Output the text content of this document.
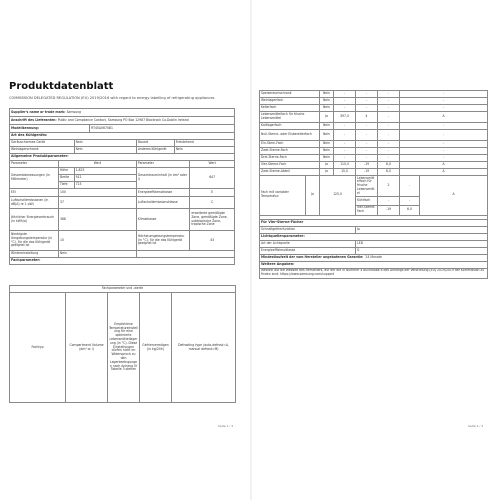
Produktdatenblatt
COMMISSION DELEGATED REGULATION (EU) 2019/2016 with regard to energy labelling of refrigerating appliances
Supplier's name or trade mark: Samsung						
Anschrift des Lieferanten: Public and Compliance Contact, Samsung PO Box 12987 Blackrock Co.Dublin Ireland						
Modellkennung:			RT45A0670B1			
Art des Kühlgeräts:						
Geräuscharmes Gerät		Nein		Bauart	Freistehend	
Weinlagerschrank		Nein		Anderes Kühlgerät	Nein	
Allgemeine Produktparameter:						
Parameter	Wert			Parameter		Wert
Gesamtabmessungen (in Millimeter)	Höhe	1.825		Gesamtrauminhalt (in dm³ oder l)		647
	Breite	912				
	Tiefe	723				
EEI	100			Energieeffizienzklasse		E
Luftschallemissionen (in dB(A) re 1 pW)	37			Luftschallemissionsklasse		C
Jährlicher Energieverbrauch (in kWh/a)	368			Klimaklasse		erweiterte gemäßigte Zone, gemäßigte Zone, subtropische Zone, tropische Zone
Niedrigste Umgebungstemperatur (in °C), für die das Kühlgerät geeignet ist	10			Höchstumgebungstemperatur (in °C), für die das Kühlgerät geeignet ist		43
Wintereinstellung	Nein					
Fachparameter:						
Fachparameter und -werte
Fachtyp	Compartment Volume (dm³ or l)	Empfohlene Temperatureinstellung für eine optimierte Lebensmittellagerung (in °C). Diese Einstellungen dürfen nicht im Widerspruch zu den Lagerbedingungen nach Anhang IV Tabelle 3 stehen	Gefriervermögen (in kg/24h)	Defrosting type (auto-defrost=A, manual defrost=M)
Seite 1 / 2
Speiseraumschrank		Nein	-	-	-	-	
Weinlagerfach		Nein	-	-	-	-	
Kellerfach		Nein	-	-	-	-	
Lebensmittelfach für frische Lebensmittel		Ja	397,0	4	-	A	
Kaltlagerfach		Nein	-	-	-	-	
Null-Sterne- oder Eisbereiterfach		Nein	-	-	-	-	
Ein-Stern-Fach		Nein	-	-	-	-	
Zwei-Sterne-Fach		Nein	-	-	-	-	
Drei-Sterne-Fach		Nein	-	-	-	-	
Vier-Sterne-Fach		Ja	110,0	-19	6,0	A	
Zwei-Sterne-Abteil		Ja	15,0	-19	6,0	A	
Fach mit variabler Temperatur	Ja	125,0		Lebensmittelfach für frische Lebensmittel	2	-	A
				Kühlfach	-	-	
				Vier-Sterne-Fach	-19	6,0	

Für Vier-Sterne-Fächer							
Schnellgefrierfunktion				Ja			
Lichtquellenparameter:							
Art der Lichtquelle				LED			
Energieeffizienzklasse				G			
Mindestlaufzeit der vom Hersteller angebotenen Garantie: 24 Monate							
Weitere Angaben:							
Weblink auf die Website des Herstellers, auf der die in Nummer 4 Buchstabe a des Anhangs der Verordnung (EU) 2019/2019 der Kommission zu finden sind: https://www.samsung.com/support							
Seite 2 / 2
